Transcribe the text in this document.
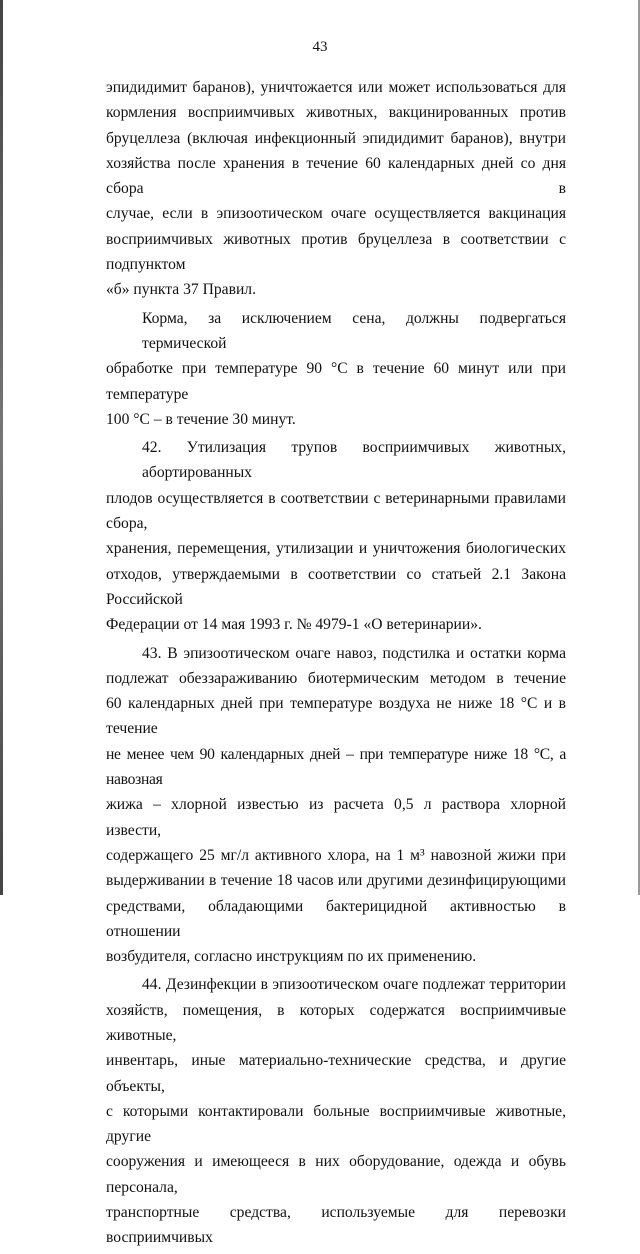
43

эпидидимит баранов), уничтожается или может использоваться для
кормления восприимчивых животных, вакцинированных против
бруцеллеза (включая инфекционный эпидидимит баранов), внутри
хозяйства после хранения в течение 60 календарных дней со дня сбора в
случае, если в эпизоотическом очаге осуществляется вакцинация
восприимчивых животных против бруцеллеза в соответствии с подпунктом
«б» пункта 37 Правил.

Корма, за исключением сена, должны подвергаться термической
обработке при температуре 90 °С в течение 60 минут или при температуре
100 °С – в течение 30 минут.

42. Утилизация трупов восприимчивых животных, абортированных
плодов осуществляется в соответствии с ветеринарными правилами сбора,
хранения, перемещения, утилизации и уничтожения биологических
отходов, утверждаемыми в соответствии со статьей 2.1 Закона Российской
Федерации от 14 мая 1993 г. № 4979-1 «О ветеринарии».

43. В эпизоотическом очаге навоз, подстилка и остатки корма
подлежат обеззараживанию биотермическим методом в течение
60 календарных дней при температуре воздуха не ниже 18 °С и в течение
не менее чем 90 календарных дней – при температуре ниже 18 °С, а навозная
жижа – хлорной известью из расчета 0,5 л раствора хлорной извести,
содержащего 25 мг/л активного хлора, на 1 м³ навозной жижи при
выдерживании в течение 18 часов или другими дезинфицирующими
средствами, обладающими бактерицидной активностью в отношении
возбудителя, согласно инструкциям по их применению.

44. Дезинфекции в эпизоотическом очаге подлежат территории
хозяйств, помещения, в которых содержатся восприимчивые животные,
инвентарь, иные материально-технические средства, и другие объекты,
с которыми контактировали больные восприимчивые животные, другие
сооружения и имеющееся в них оборудование, одежда и обувь персонала,
транспортные средства, используемые для перевозки восприимчивых
